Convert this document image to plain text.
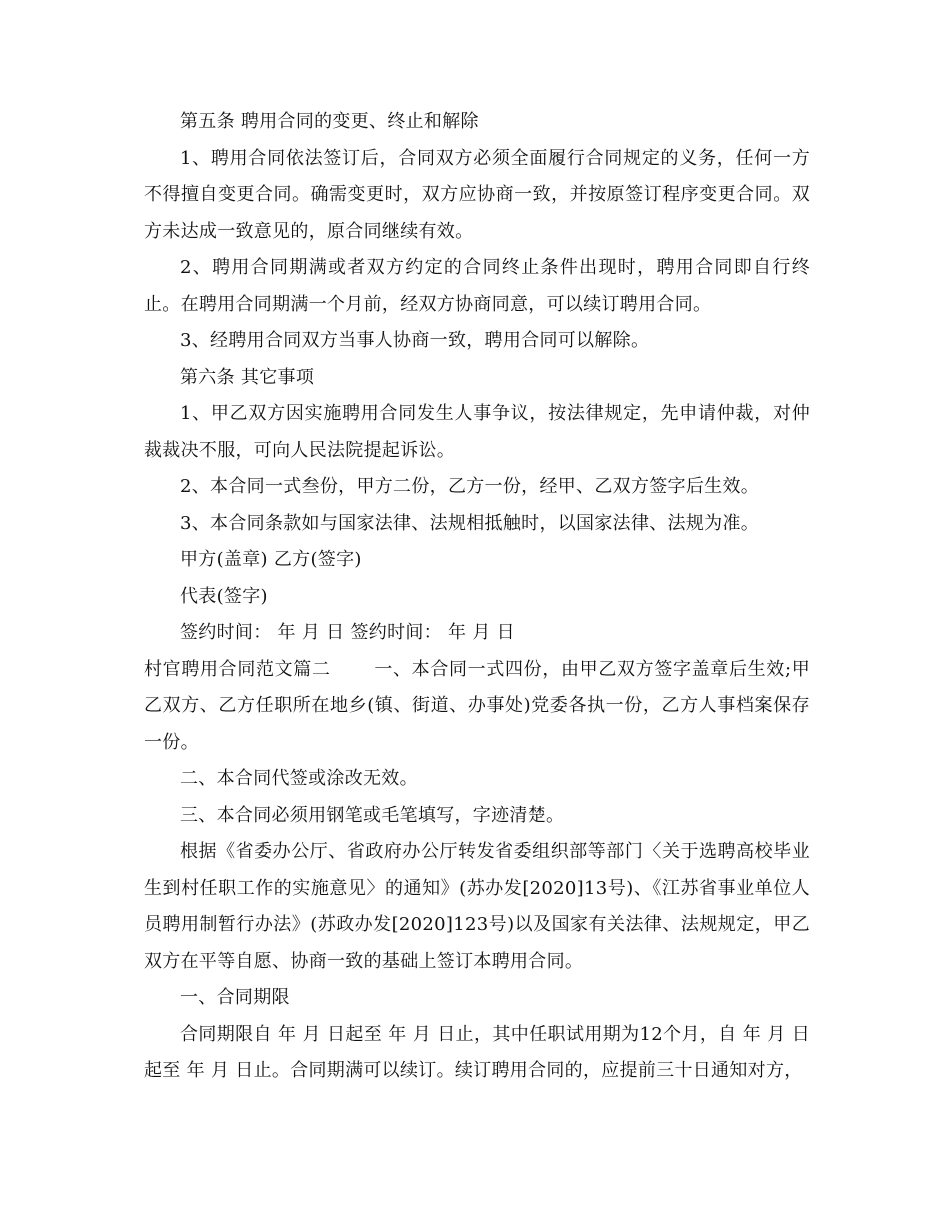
第五条 聘用合同的变更、终止和解除

1、聘用合同依法签订后，合同双方必须全面履行合同规定的义务，任何一方不得擅自变更合同。确需变更时，双方应协商一致，并按原签订程序变更合同。双方未达成一致意见的，原合同继续有效。

2、聘用合同期满或者双方约定的合同终止条件出现时，聘用合同即自行终止。在聘用合同期满一个月前，经双方协商同意，可以续订聘用合同。

3、经聘用合同双方当事人协商一致，聘用合同可以解除。

第六条 其它事项

1、甲乙双方因实施聘用合同发生人事争议，按法律规定，先申请仲裁，对仲裁裁决不服，可向人民法院提起诉讼。

2、本合同一式叁份，甲方二份，乙方一份，经甲、乙双方签字后生效。

3、本合同条款如与国家法律、法规相抵触时，以国家法律、法规为准。

甲方(盖章) 乙方(签字)

代表(签字)

签约时间： 年 月 日 签约时间： 年 月 日

村官聘用合同范文篇二　　 一、本合同一式四份，由甲乙双方签字盖章后生效;甲乙双方、乙方任职所在地乡(镇、街道、办事处)党委各执一份，乙方人事档案保存一份。

二、本合同代签或涂改无效。

三、本合同必须用钢笔或毛笔填写，字迹清楚。

根据《省委办公厅、省政府办公厅转发省委组织部等部门〈关于选聘高校毕业生到村任职工作的实施意见〉的通知》(苏办发[2020]13号)、《江苏省事业单位人员聘用制暂行办法》(苏政办发[2020]123号)以及国家有关法律、法规规定，甲乙双方在平等自愿、协商一致的基础上签订本聘用合同。

一、合同期限

合同期限自 年 月 日起至 年 月 日止，其中任职试用期为12个月，自 年 月 日起至 年 月 日止。合同期满可以续订。续订聘用合同的，应提前三十日通知对方，
